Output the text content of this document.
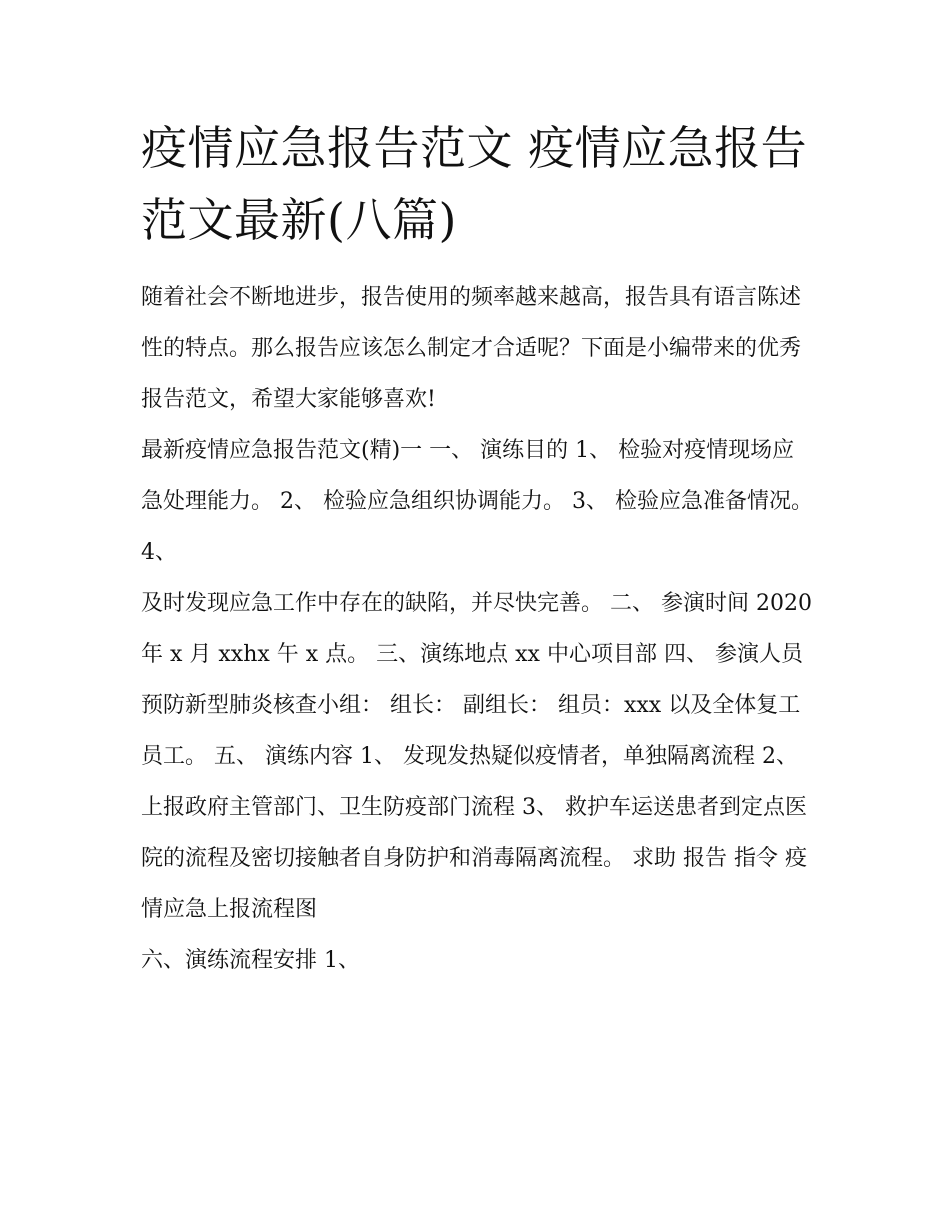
疫情应急报告范文 疫情应急报告范文最新(八篇)

随着社会不断地进步，报告使用的频率越来越高，报告具有语言陈述性的特点。那么报告应该怎么制定才合适呢？下面是小编带来的优秀报告范文，希望大家能够喜欢!

最新疫情应急报告范文(精)一 一、 演练目的 1、 检验对疫情现场应急处理能力。 2、 检验应急组织协调能力。 3、 检验应急准备情况。 4、

及时发现应急工作中存在的缺陷，并尽快完善。 二、 参演时间 2020 年 x 月 xxhx 午 x 点。 三、演练地点 xx 中心项目部 四、 参演人员

预防新型肺炎核查小组： 组长： 副组长： 组员：xxx 以及全体复工员工。 五、 演练内容 1、 发现发热疑似疫情者，单独隔离流程 2、

上报政府主管部门、卫生防疫部门流程 3、 救护车运送患者到定点医院的流程及密切接触者自身防护和消毒隔离流程。 求助 报告 指令 疫情应急上报流程图

六、演练流程安排 1、
